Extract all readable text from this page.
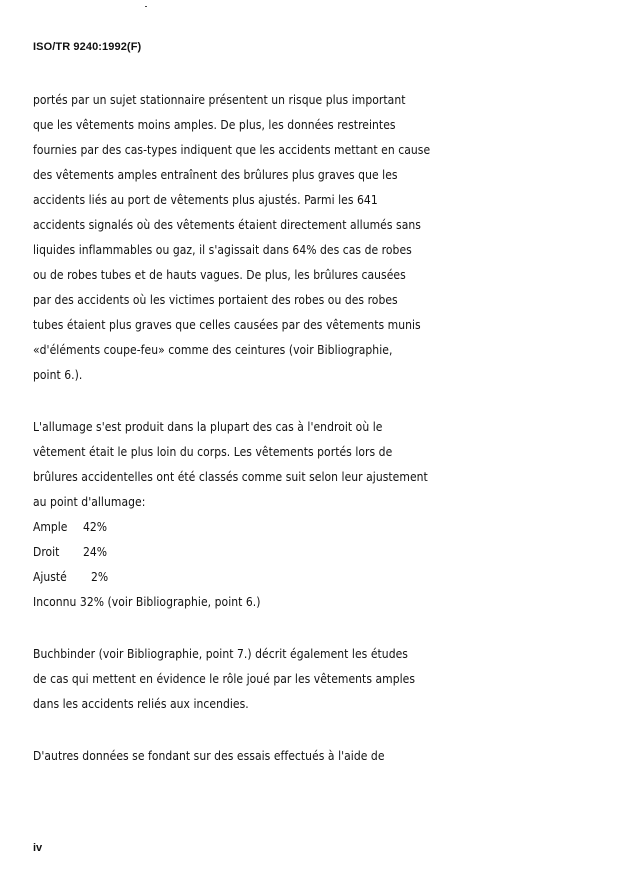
ISO/TR 9240:1992(F)
portés par un sujet stationnaire présentent un risque plus important
que les vêtements moins amples. De plus, les données restreintes
fournies par des cas-types indiquent que les accidents mettant en cause
des vêtements amples entraînent des brûlures plus graves que les
accidents liés au port de vêtements plus ajustés. Parmi les 641
accidents signalés où des vêtements étaient directement allumés sans
liquides inflammables ou gaz, il s'agissait dans 64% des cas de robes
ou de robes tubes et de hauts vagues. De plus, les brûlures causées
par des accidents où les victimes portaient des robes ou des robes
tubes étaient plus graves que celles causées par des vêtements munis
«d'éléments coupe-feu» comme des ceintures (voir Bibliographie,
point 6.).
L'allumage s'est produit dans la plupart des cas à l'endroit où le
vêtement était le plus loin du corps. Les vêtements portés lors de
brûlures accidentelles ont été classés comme suit selon leur ajustement
au point d'allumage:
Ample 42%
Droit 24%
Ajusté 2%
Inconnu 32% (voir Bibliographie, point 6.)
Buchbinder (voir Bibliographie, point 7.) décrit également les études
de cas qui mettent en évidence le rôle joué par les vêtements amples
dans les accidents reliés aux incendies.
D'autres données se fondant sur des essais effectués à l'aide de
iv
